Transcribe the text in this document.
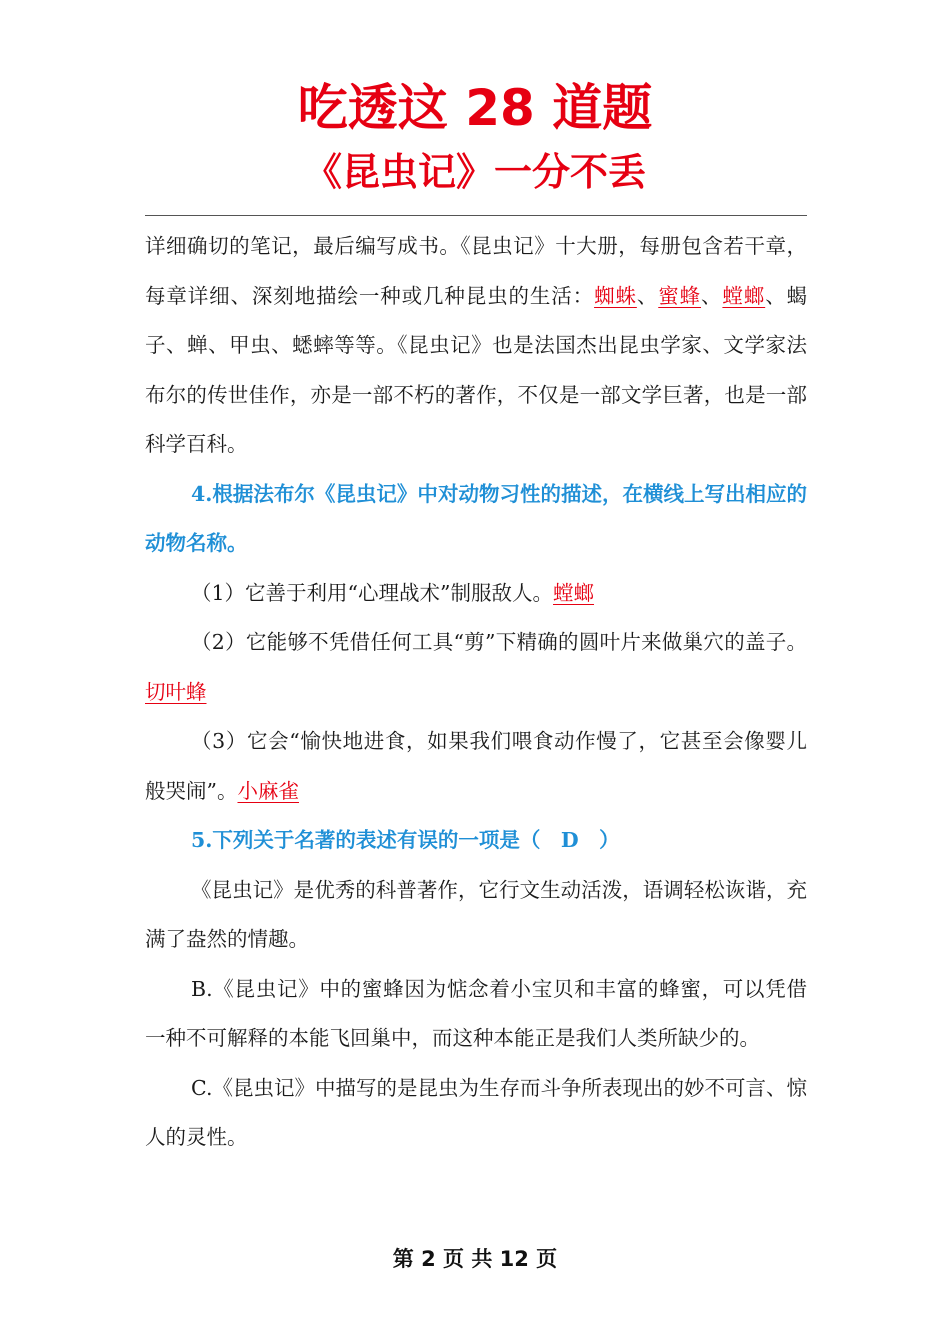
吃透这 28 道题
《昆虫记》一分不丢

详细确切的笔记，最后编写成书。《昆虫记》十大册，每册包含若干章，每章详细、深刻地描绘一种或几种昆虫的生活：蜘蛛、蜜蜂、螳螂、蝎子、蝉、甲虫、蟋蟀等等。《昆虫记》也是法国杰出昆虫学家、文学家法布尔的传世佳作，亦是一部不朽的著作，不仅是一部文学巨著，也是一部科学百科。

4.根据法布尔《昆虫记》中对动物习性的描述，在横线上写出相应的动物名称。

（1）它善于利用“心理战术”制服敌人。螳螂

（2）它能够不凭借任何工具“剪”下精确的圆叶片来做巢穴的盖子。切叶蜂

（3）它会“愉快地进食，如果我们喂食动作慢了，它甚至会像婴儿般哭闹”。小麻雀

5.下列关于名著的表述有误的一项是（　D　）

《昆虫记》是优秀的科普著作，它行文生动活泼，语调轻松诙谐，充满了盎然的情趣。

B.《昆虫记》中的蜜蜂因为惦念着小宝贝和丰富的蜂蜜，可以凭借一种不可解释的本能飞回巢中，而这种本能正是我们人类所缺少的。

C.《昆虫记》中描写的是昆虫为生存而斗争所表现出的妙不可言、惊人的灵性。

第 2 页 共 12 页
